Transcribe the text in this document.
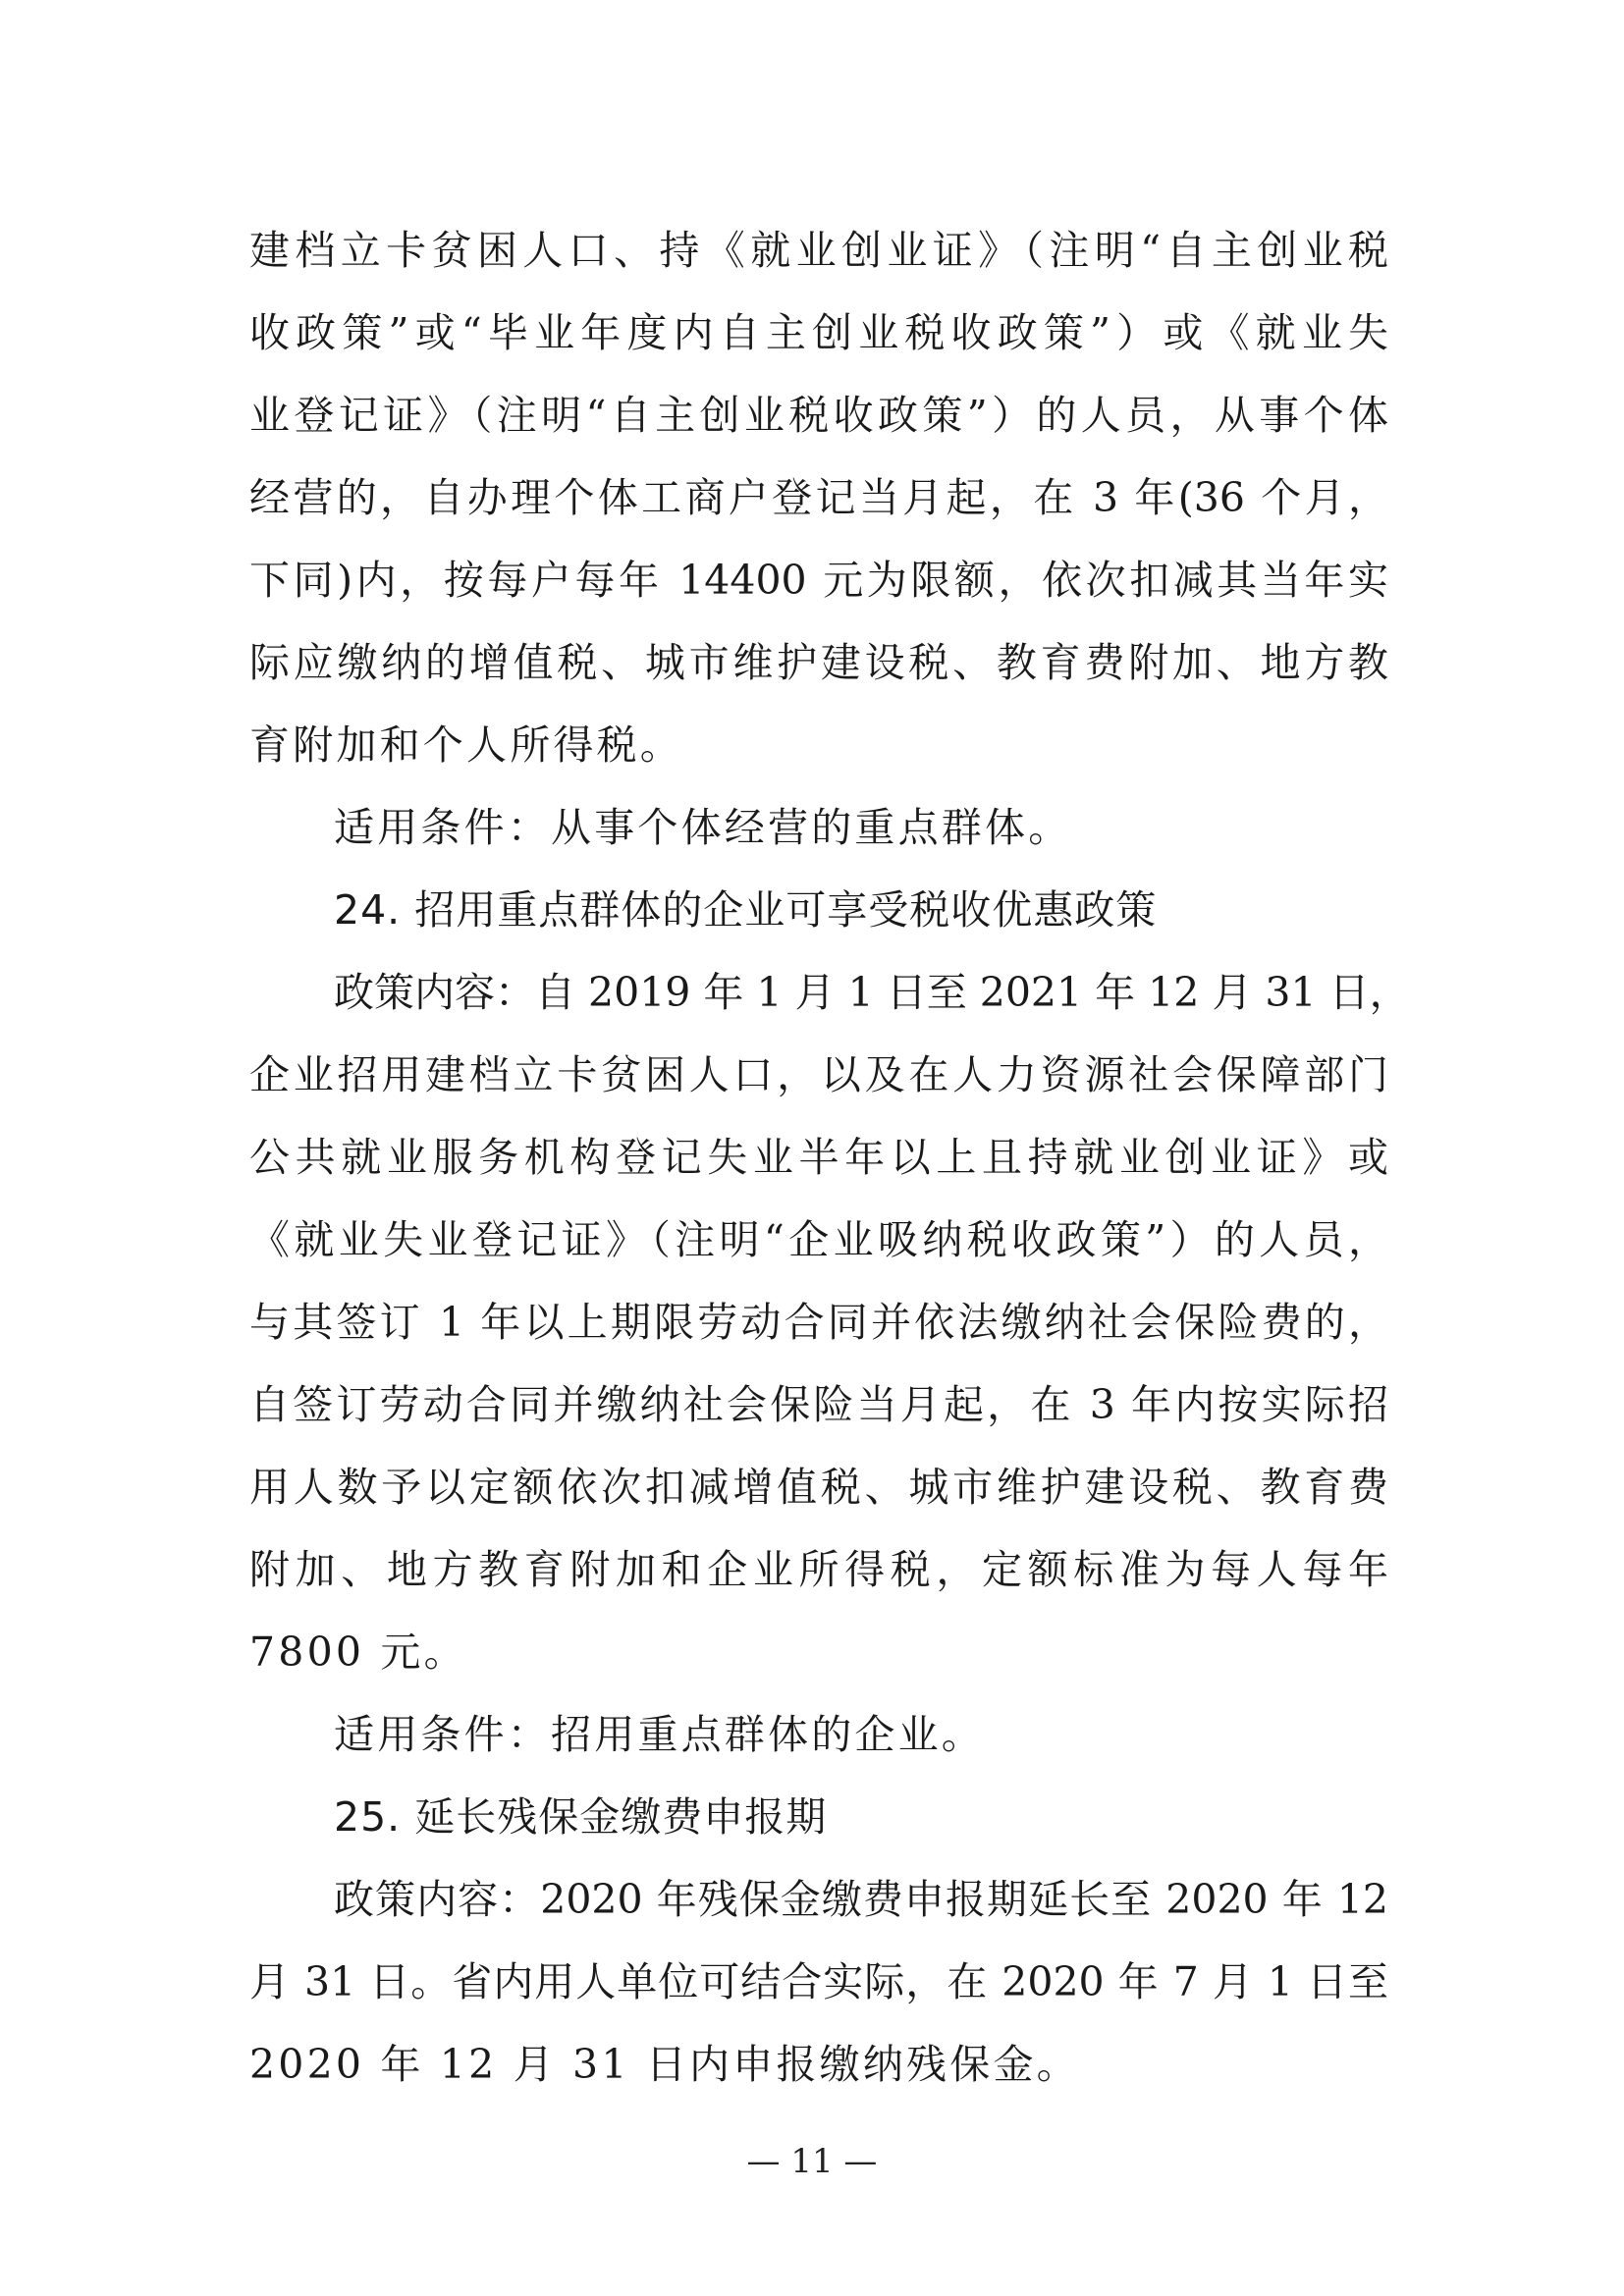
建档立卡贫困人口、持《就业创业证》（注明“自主创业税
收政策”或“毕业年度内自主创业税收政策”）或《就业失
业登记证》（注明“自主创业税收政策”）的人员，从事个体
经营的，自办理个体工商户登记当月起，在 3 年(36 个月，
下同)内，按每户每年 14400 元为限额，依次扣减其当年实
际应缴纳的增值税、城市维护建设税、教育费附加、地方教
育附加和个人所得税。
适用条件：从事个体经营的重点群体。
24. 招用重点群体的企业可享受税收优惠政策
政策内容：自 2019 年 1 月 1 日至 2021 年 12 月 31 日，
企业招用建档立卡贫困人口，以及在人力资源社会保障部门
公共就业服务机构登记失业半年以上且持就业创业证》或
《就业失业登记证》（注明“企业吸纳税收政策”）的人员，
与其签订 1 年以上期限劳动合同并依法缴纳社会保险费的，
自签订劳动合同并缴纳社会保险当月起，在 3 年内按实际招
用人数予以定额依次扣减增值税、城市维护建设税、教育费
附加、地方教育附加和企业所得税，定额标准为每人每年
7800 元。
适用条件：招用重点群体的企业。
25. 延长残保金缴费申报期
政策内容：2020 年残保金缴费申报期延长至 2020 年 12
月 31 日。省内用人单位可结合实际，在 2020 年 7 月 1 日至
2020 年 12 月 31 日内申报缴纳残保金。
— 11 —
